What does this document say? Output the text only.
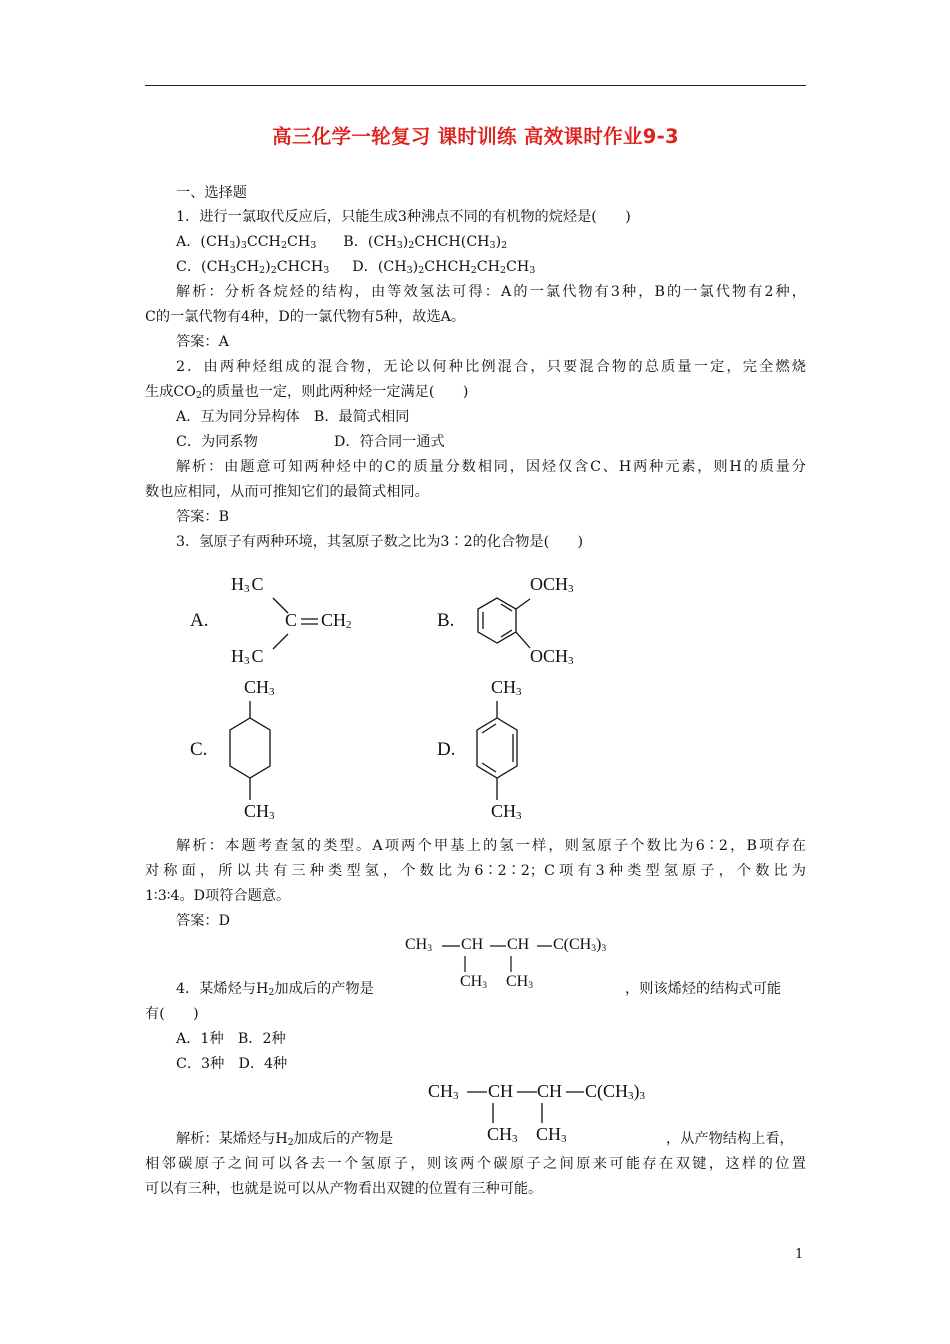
高三化学一轮复习 课时训练 高效课时作业9-3
一、选择题
1．进行一氯取代反应后，只能生成3种沸点不同的有机物的烷烃是(　　)
A．$(CH_3)_3CCH_2CH_3$ B．$(CH_3)_2CHCH(CH_3)_2$
C．$(CH_3CH_2)_2CHCH_3$ D．$(CH_3)_2CHCH_2CH_2CH_3$
解析：分析各烷烃的结构，由等效氢法可得：A的一氯代物有3种，B的一氯代物有2种，
C的一氯代物有4种，D的一氯代物有5种，故选A。
答案：A
2．由两种烃组成的混合物，无论以何种比例混合，只要混合物的总质量一定，完全燃烧
生成$CO_2$的质量也一定，则此两种烃一定满足(　　)
A．互为同分异构体　B．最简式相同
C．为同系物	D．符合同一通式
解析：由题意可知两种烃中的C的质量分数相同，因烃仅含C、H两种元素，则H的质量分
数也应相同，从而可推知它们的最简式相同。
答案：B
3．氢原子有两种环境，其氢原子数之比为3∶2的化合物是(　　)
A.
$H_3$ C
C $CH_2$
$H_3$ C
B.
$OCH_3$
$OCH_3$
C.
$CH_3$
$CH_3$
D.
$CH_3$
$CH_3$
解析：本题考查氢的类型。A项两个甲基上的氢一样，则氢原子个数比为6∶2，B项存在
对称面，所以共有三种类型氢，个数比为6∶2∶2；C项有3种类型氢原子，个数比为
1∶3∶4。D项符合题意。
答案：D
$CH_3$ CH CH $C(CH_3)_3$
$CH_3$ $CH_3$
4．某烯烃与$H_2$加成后的产物是	，则该烯烃的结构式可能
有(　　)
A．1种　B．2种
C．3种　D．4种
$CH_3$ CH CH $C(CH_3)_3$
$CH_3$ $CH_3$
解析：某烯烃与$H_2$加成后的产物是	，从产物结构上看，
相邻碳原子之间可以各去一个氢原子，则该两个碳原子之间原来可能存在双键，这样的位置
可以有三种，也就是说可以从产物看出双键的位置有三种可能。
1
